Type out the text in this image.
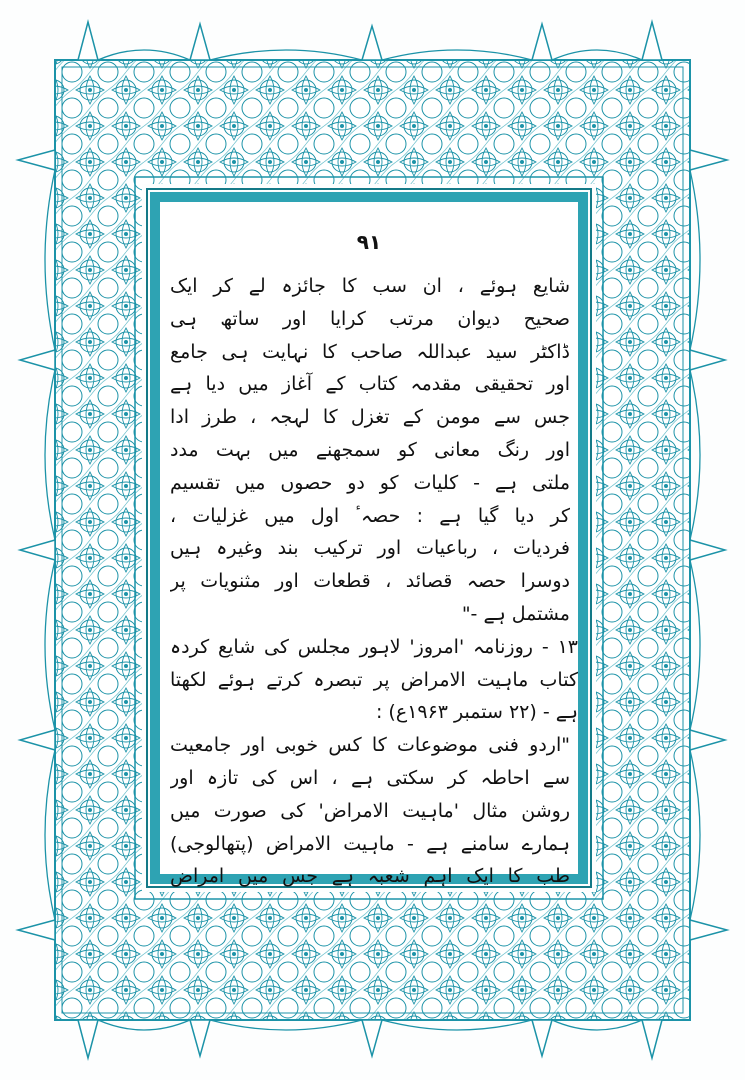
۹۱
شایع ہوئے ، ان سب کا جائزہ لے کر ایک
صحیح دیوان مرتب کرایا اور ساتھ ہی
ڈاکٹر سید عبداللہ صاحب کا نہایت ہی جامع
اور تحقیقی مقدمہ کتاب کے آغاز میں دیا ہے
جس سے مومن کے تغزل کا لہجہ ، طرز ادا
اور رنگ معانی کو سمجھنے میں بہت مدد
ملتی ہے - کلیات کو دو حصوں میں تقسیم
کر دیا گیا ہے : حصہٴ اول میں غزلیات ،
فردیات ، رباعیات اور ترکیب بند وغیرہ ہیں
دوسرا حصہ قصائد ، قطعات اور مثنویات پر
مشتمل ہے -"
۱۳ - روزنامہ 'امروز' لاہور مجلس کی شایع کردہ
کتاب ماہیت الامراض پر تبصرہ کرتے ہوئے لکھتا
ہے - (۲۲ ستمبر ۱۹۶۳ع) :
"اردو فنی موضوعات کا کس خوبی اور جامعیت
سے احاطہ کر سکتی ہے ، اس کی تازہ اور
روشن مثال 'ماہیت الامراض' کی صورت میں
ہمارے سامنے ہے - ماہیت الامراض (پتھالوجی)
طب کا ایک اہم شعبہ ہے جس میں امراض
